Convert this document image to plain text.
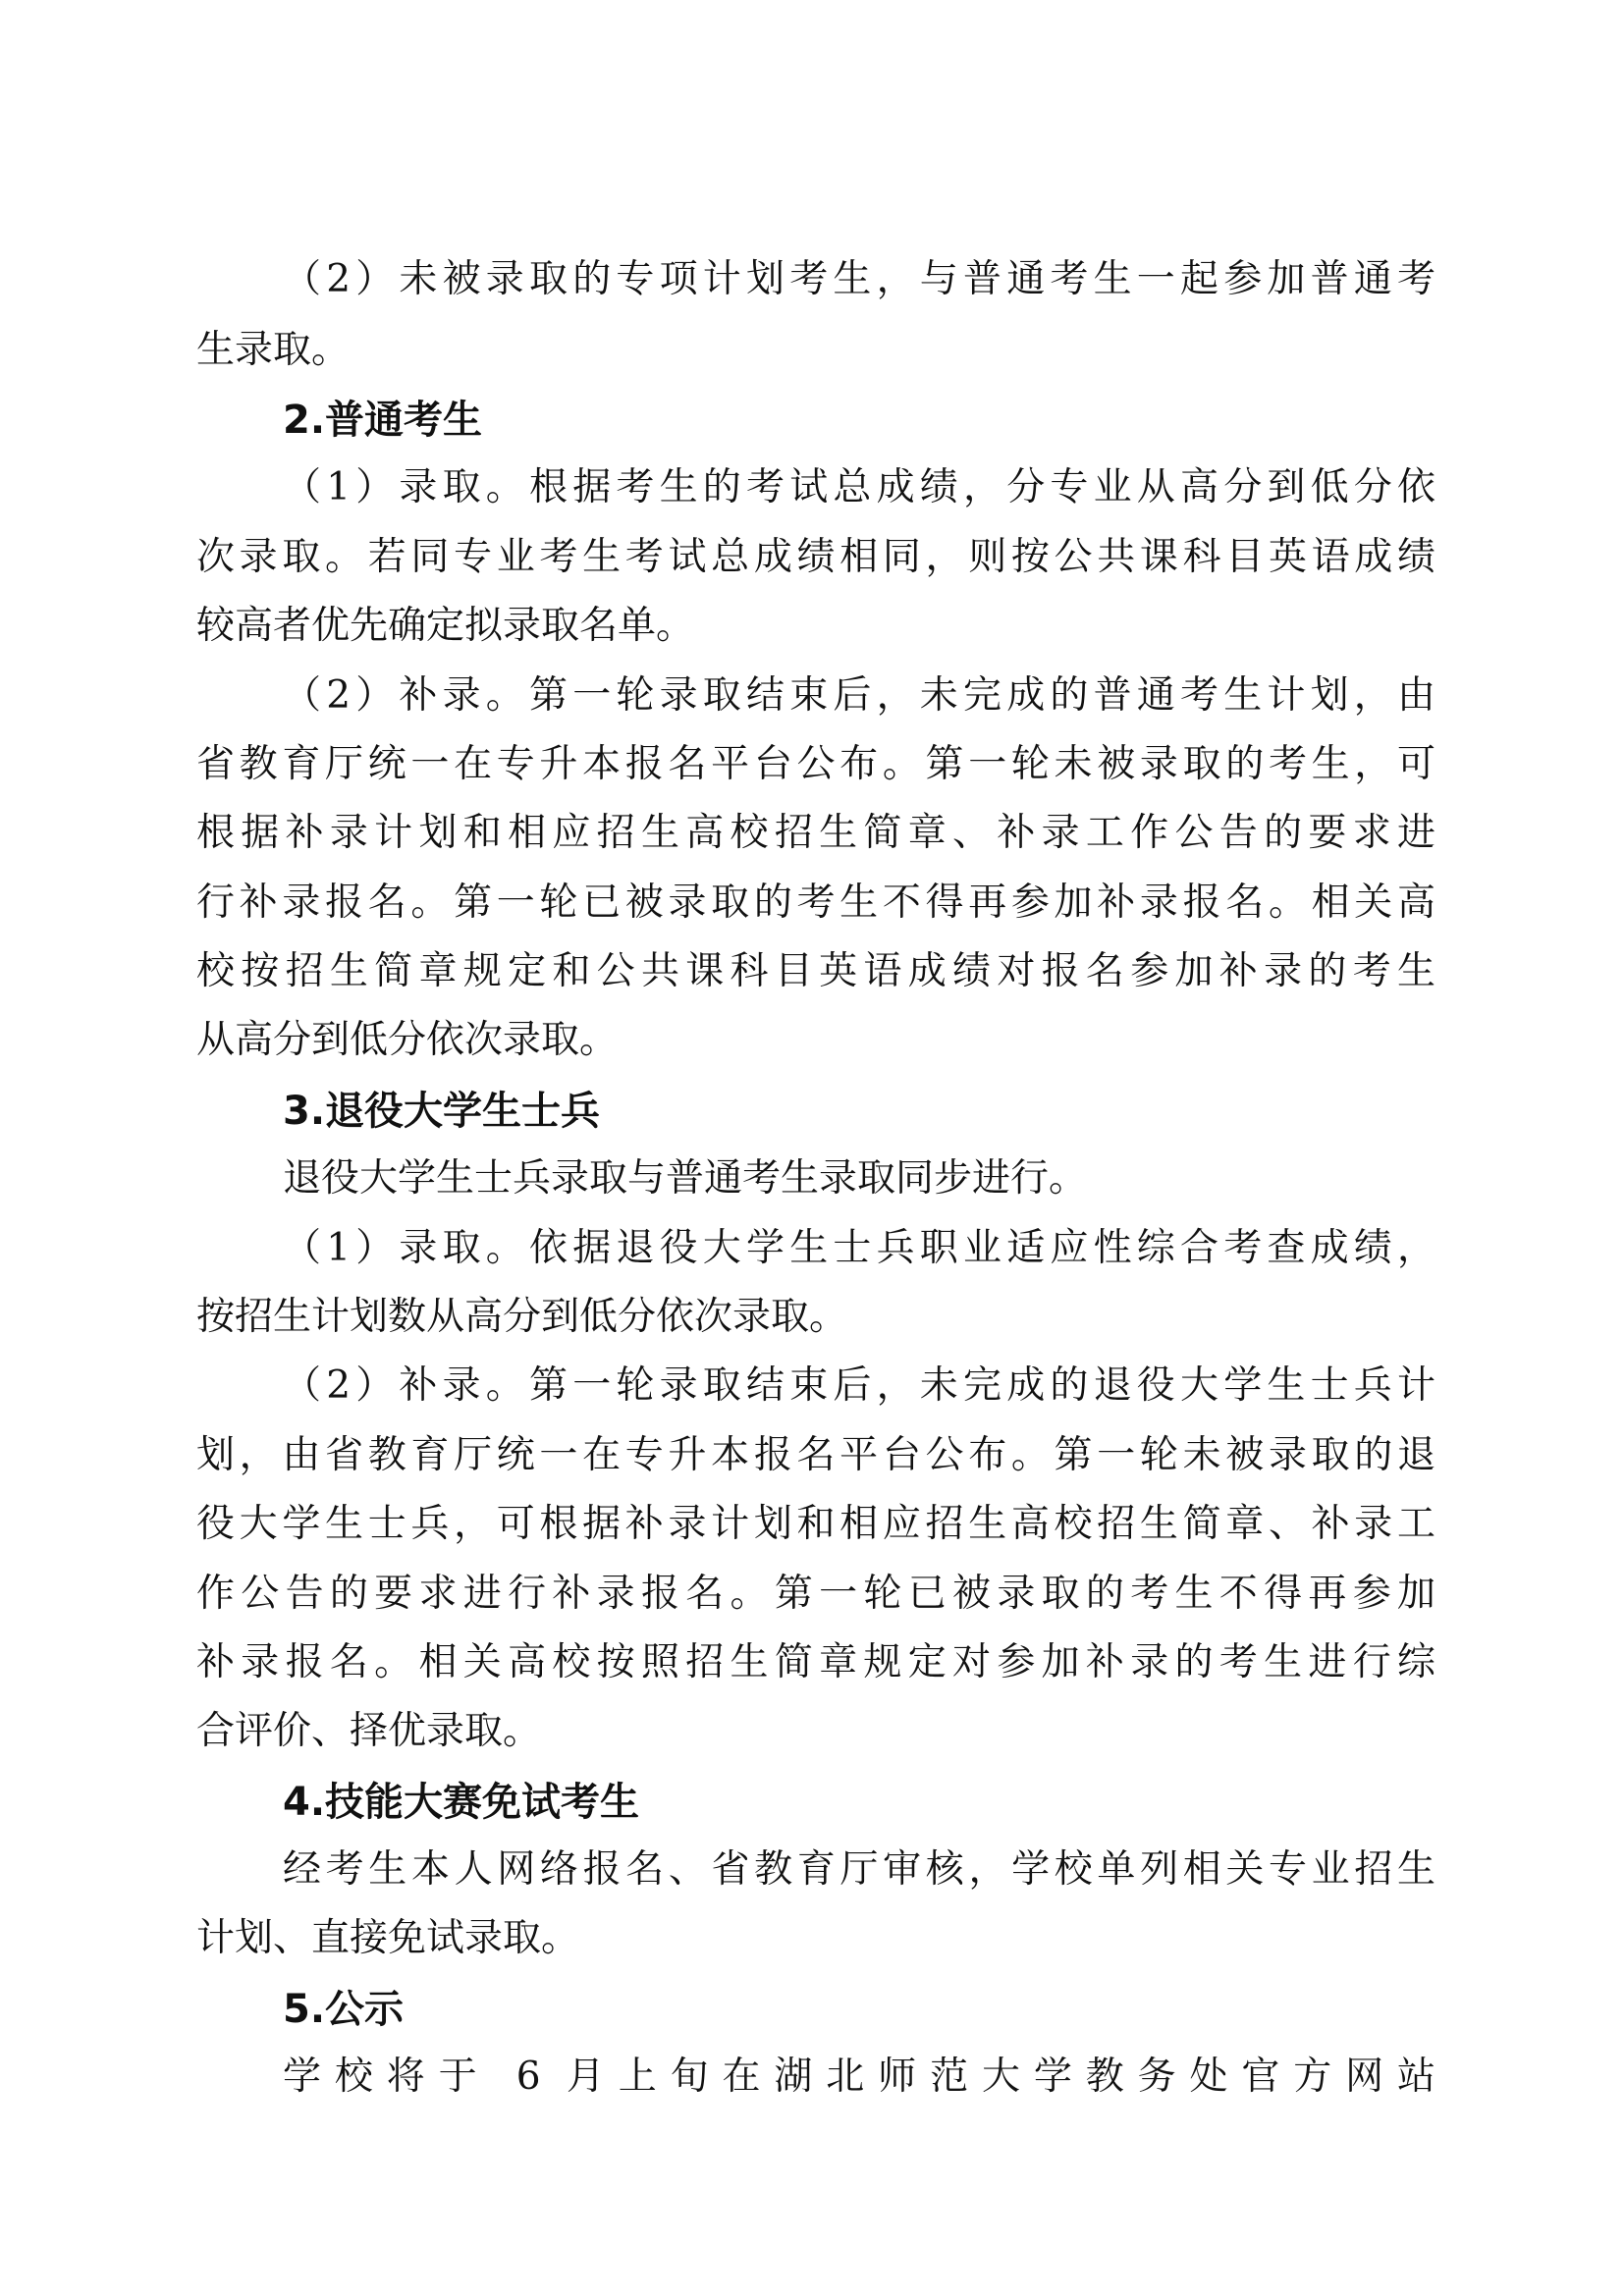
（2）未被录取的专项计划考生，与普通考生一起参加普通考

生录取。

2.普通考生

（1）录取。根据考生的考试总成绩，分专业从高分到低分依

次录取。若同专业考生考试总成绩相同，则按公共课科目英语成绩

较高者优先确定拟录取名单。

（2）补录。第一轮录取结束后，未完成的普通考生计划，由

省教育厅统一在专升本报名平台公布。第一轮未被录取的考生，可

根据补录计划和相应招生高校招生简章、补录工作公告的要求进

行补录报名。第一轮已被录取的考生不得再参加补录报名。相关高

校按招生简章规定和公共课科目英语成绩对报名参加补录的考生

从高分到低分依次录取。

3.退役大学生士兵

退役大学生士兵录取与普通考生录取同步进行。

（1）录取。依据退役大学生士兵职业适应性综合考查成绩，

按招生计划数从高分到低分依次录取。

（2）补录。第一轮录取结束后，未完成的退役大学生士兵计

划，由省教育厅统一在专升本报名平台公布。第一轮未被录取的退

役大学生士兵，可根据补录计划和相应招生高校招生简章、补录工

作公告的要求进行补录报名。第一轮已被录取的考生不得再参加

补录报名。相关高校按照招生简章规定对参加补录的考生进行综

合评价、择优录取。

4.技能大赛免试考生

经考生本人网络报名、省教育厅审核，学校单列相关专业招生

计划、直接免试录取。

5.公示

学校将于 6 月上旬在湖北师范大学教务处官方网站
